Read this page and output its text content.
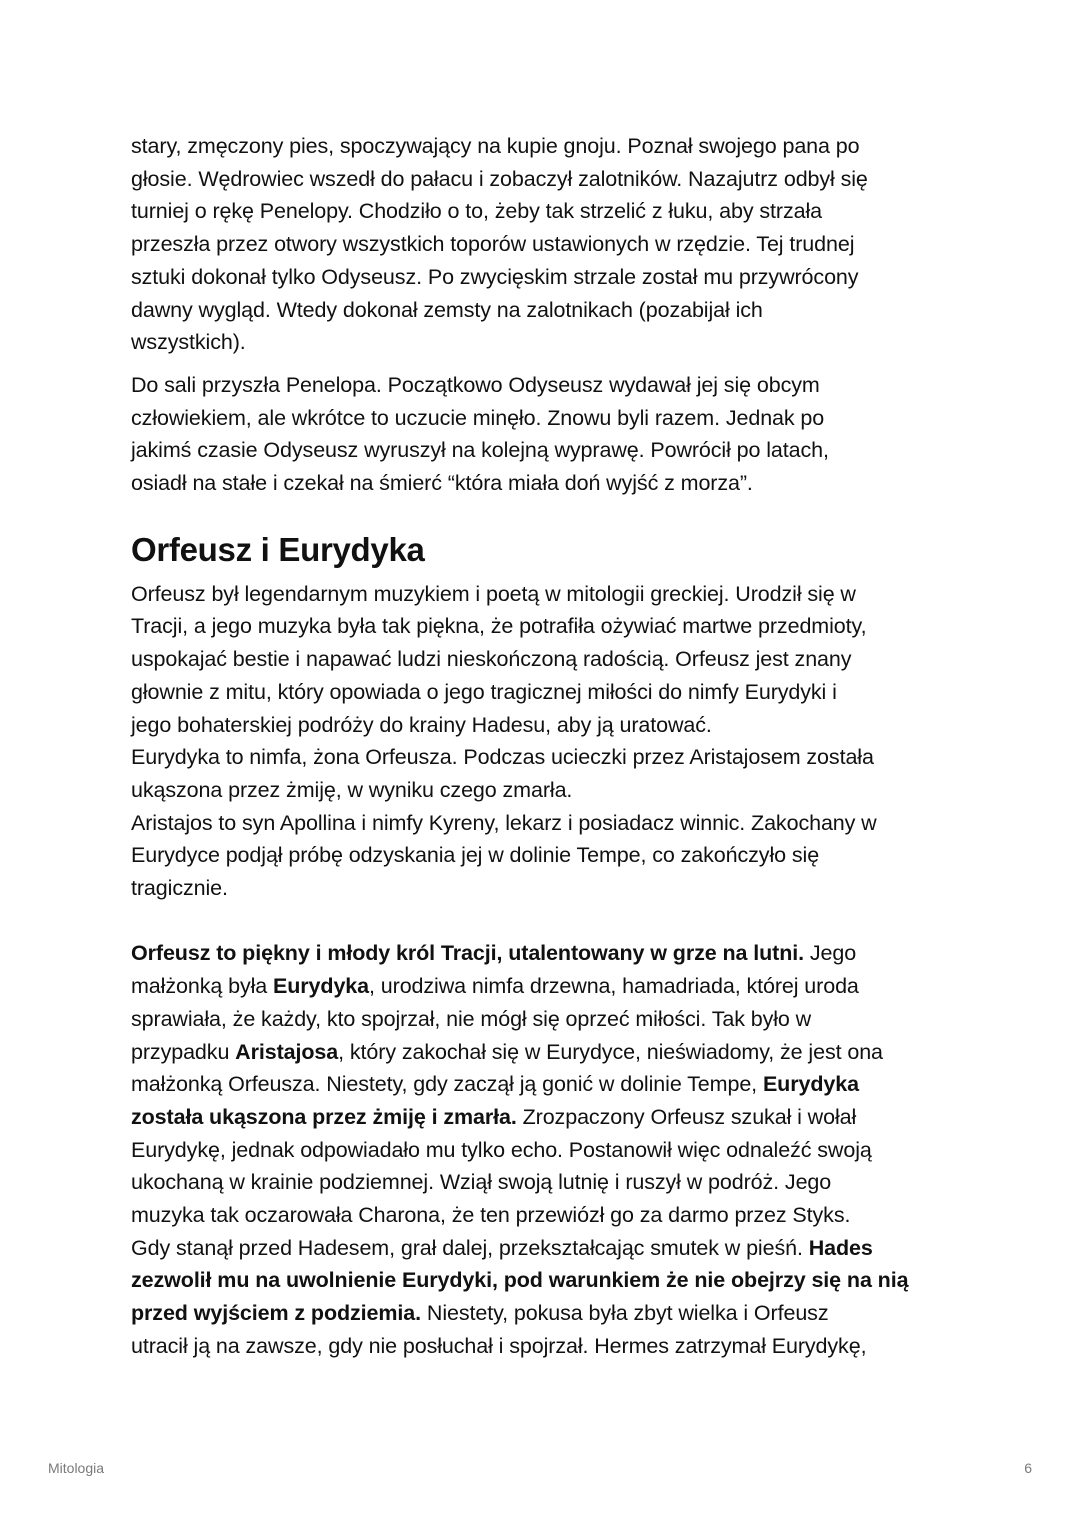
stary, zmęczony pies, spoczywający na kupie gnoju. Poznał swojego pana po
głosie. Wędrowiec wszedł do pałacu i zobaczył zalotników. Nazajutrz odbył się
turniej o rękę Penelopy. Chodziło o to, żeby tak strzelić z łuku, aby strzała
przeszła przez otwory wszystkich toporów ustawionych w rzędzie. Tej trudnej
sztuki dokonał tylko Odyseusz. Po zwycięskim strzale został mu przywrócony
dawny wygląd. Wtedy dokonał zemsty na zalotnikach (pozabijał ich
wszystkich).

Do sali przyszła Penelopa. Początkowo Odyseusz wydawał jej się obcym
człowiekiem, ale wkrótce to uczucie minęło. Znowu byli razem. Jednak po
jakimś czasie Odyseusz wyruszył na kolejną wyprawę. Powrócił po latach,
osiadł na stałe i czekał na śmierć “która miała doń wyjść z morza”.

Orfeusz i Eurydyka

Orfeusz był legendarnym muzykiem i poetą w mitologii greckiej. Urodził się w
Tracji, a jego muzyka była tak piękna, że potrafiła ożywiać martwe przedmioty,
uspokajać bestie i napawać ludzi nieskończoną radością. Orfeusz jest znany
głownie z mitu, który opowiada o jego tragicznej miłości do nimfy Eurydyki i
jego bohaterskiej podróży do krainy Hadesu, aby ją uratować.
Eurydyka to nimfa, żona Orfeusza. Podczas ucieczki przez Aristajosem została
ukąszona przez żmiję, w wyniku czego zmarła.
Aristajos to syn Apollina i nimfy Kyreny, lekarz i posiadacz winnic. Zakochany w
Eurydyce podjął próbę odzyskania jej w dolinie Tempe, co zakończyło się
tragicznie.

Orfeusz to piękny i młody król Tracji, utalentowany w grze na lutni. Jego
małżonką była Eurydyka, urodziwa nimfa drzewna, hamadriada, której uroda
sprawiała, że każdy, kto spojrzał, nie mógł się oprzeć miłości. Tak było w
przypadku Aristajosa, który zakochał się w Eurydyce, nieświadomy, że jest ona
małżonką Orfeusza. Niestety, gdy zaczął ją gonić w dolinie Tempe, Eurydyka
została ukąszona przez żmiję i zmarła. Zrozpaczony Orfeusz szukał i wołał
Eurydykę, jednak odpowiadało mu tylko echo. Postanowił więc odnaleźć swoją
ukochaną w krainie podziemnej. Wziął swoją lutnię i ruszył w podróż. Jego
muzyka tak oczarowała Charona, że ten przewiózł go za darmo przez Styks.
Gdy stanął przed Hadesem, grał dalej, przekształcając smutek w pieśń. Hades
zezwolił mu na uwolnienie Eurydyki, pod warunkiem że nie obejrzy się na nią
przed wyjściem z podziemia. Niestety, pokusa była zbyt wielka i Orfeusz
utracił ją na zawsze, gdy nie posłuchał i spojrzał. Hermes zatrzymał Eurydykę,

Mitologia	6
